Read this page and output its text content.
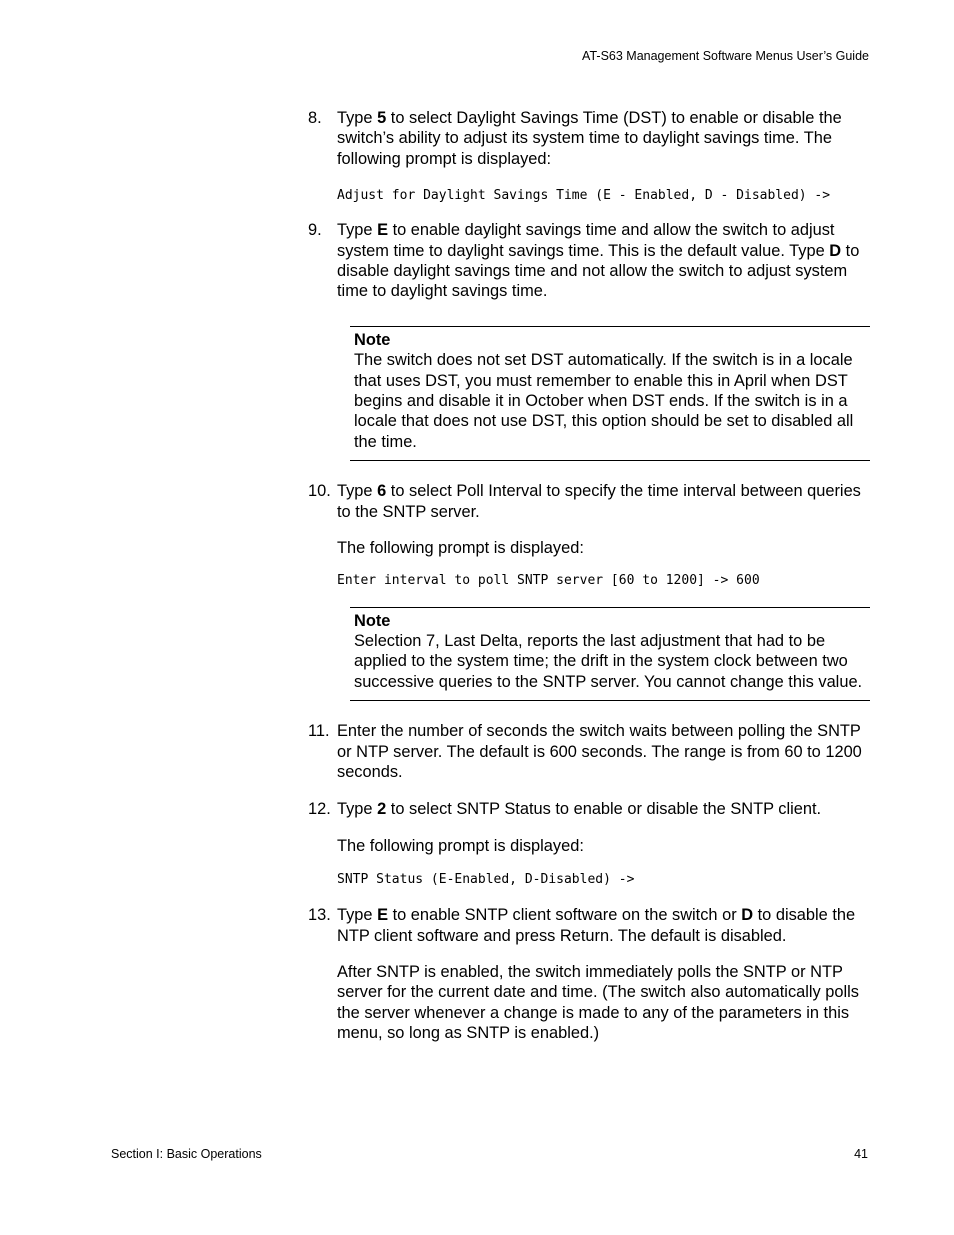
AT-S63 Management Software Menus User’s Guide
8. Type 5 to select Daylight Savings Time (DST) to enable or disable the switch’s ability to adjust its system time to daylight savings time. The following prompt is displayed:

Adjust for Daylight Savings Time (E - Enabled, D - Disabled) ->

9. Type E to enable daylight savings time and allow the switch to adjust system time to daylight savings time. This is the default value. Type D to disable daylight savings time and not allow the switch to adjust system time to daylight savings time.

Note
The switch does not set DST automatically. If the switch is in a locale that uses DST, you must remember to enable this in April when DST begins and disable it in October when DST ends. If the switch is in a locale that does not use DST, this option should be set to disabled all the time.
10. Type 6 to select Poll Interval to specify the time interval between queries to the SNTP server.

The following prompt is displayed:

Enter interval to poll SNTP server [60 to 1200] -> 600

Note
Selection 7, Last Delta, reports the last adjustment that had to be applied to the system time; the drift in the system clock between two successive queries to the SNTP server. You cannot change this value.
11. Enter the number of seconds the switch waits between polling the SNTP or NTP server. The default is 600 seconds. The range is from 60 to 1200 seconds.

12. Type 2 to select SNTP Status to enable or disable the SNTP client.

The following prompt is displayed:

SNTP Status (E-Enabled, D-Disabled) ->

13. Type E to enable SNTP client software on the switch or D to disable the NTP client software and press Return. The default is disabled.

After SNTP is enabled, the switch immediately polls the SNTP or NTP server for the current date and time. (The switch also automatically polls the server whenever a change is made to any of the parameters in this menu, so long as SNTP is enabled.)

Section I: Basic Operations	41
